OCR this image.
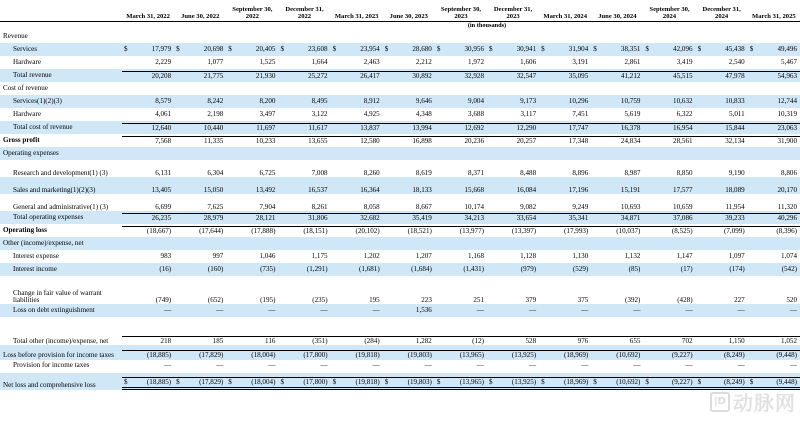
	March 31, 2022	June 30, 2022	September 30, 2022	December 31, 2022	March 31, 2023	June 30, 2023	September 30, 2023	December 31, 2023	March 31, 2024	June 30, 2024	September 30, 2024	December 31, 2024	March 31, 2025
							(in thousands)						
Revenue													
Services	$ 17,979	$ 20,698	$ 20,405	$ 23,608	$ 23,954	$ 28,680	$ 30,956	$ 30,941	$ 31,904	$ 38,351	$ 42,096	$ 45,438	$ 49,496

Hardware	2,229	1,077	1,525	1,664	2,463	2,212	1,972	1,606	3,191	2,861	3,419	2,540	5,467

Total revenue	20,208	21,775	21,930	25,272	26,417	30,892	32,928	32,547	35,095	41,212	45,515	47,978	54,963

Cost of revenue													
Services(1)(2)(3)	8,579	8,242	8,200	8,495	8,912	9,646	9,004	9,173	10,296	10,759	10,632	10,833	12,744

Hardware	4,061	2,198	3,497	3,122	4,925	4,348	3,688	3,117	7,451	5,619	6,322	5,011	10,319

Total cost of revenue	12,640	10,440	11,697	11,617	13,837	13,994	12,692	12,290	17,747	16,378	16,954	15,844	23,063

Gross profit	7,568	11,335	10,233	13,655	12,580	16,898	20,236	20,257	17,348	24,834	28,561	32,134	31,900

Operating expenses													
Research and development(1) (3)	6,131	6,304	6,725	7,008	8,260	8,619	8,371	8,488	8,896	8,987	8,850	9,190	8,806

Sales and marketing(1)(2)(3)	13,405	15,050	13,492	16,537	16,364	18,133	15,668	16,084	17,196	15,191	17,577	18,089	20,170

General and administrative(1) (3)	6,699	7,625	7,904	8,261	8,058	8,667	10,174	9,082	9,249	10,693	10,659	11,954	11,320

Total operating expenses	26,235	28,979	28,121	31,806	32,682	35,419	34,213	33,654	35,341	34,871	37,086	39,233	40,296

Operating loss	(18,667)	(17,644)	(17,888)	(18,151)	(20,102)	(18,521)	(13,977)	(13,397)	(17,993)	(10,037)	(8,525)	(7,099)	(8,396)

Other (income)/expense, net													
Interest expense	983	997	1,046	1,175	1,202	1,207	1,168	1,128	1,130	1,132	1,147	1,097	1,074

Interest income	(16)	(160)	(735)	(1,291)	(1,681)	(1,684)	(1,431)	(979)	(529)	(85)	(17)	(174)	(542)

Change in fair value of warrant liabilities	(749)	(652)	(195)	(235)	195	223	251	379	375	(392)	(428)	227	520

Loss on debt extinguishment	—	—	—	—	—	1,536	—	—	—	—	—	—	—

Total other (income)/expense, net	218	185	116	(351)	(284)	1,282	(12)	528	976	655	702	1,150	1,052

Loss before provision for income taxes	(18,885)	(17,829)	(18,004)	(17,800)	(19,818)	(19,803)	(13,965)	(13,925)	(18,969)	(10,692)	(9,227)	(8,249)	(9,448)

Provision for income taxes	—	—	—	—	—	—	—	—	—	—	—	—	—

Net loss and comprehensive loss	$ (18,885)	$ (17,829)	$ (18,004)	$ (17,800)	$ (19,818)	$ (19,803)	$ (13,965)	$ (13,925)	$ (18,969)	$ (10,692)	$ (9,227)	$ (8,249)	$ (9,448)
|D 动脉网
